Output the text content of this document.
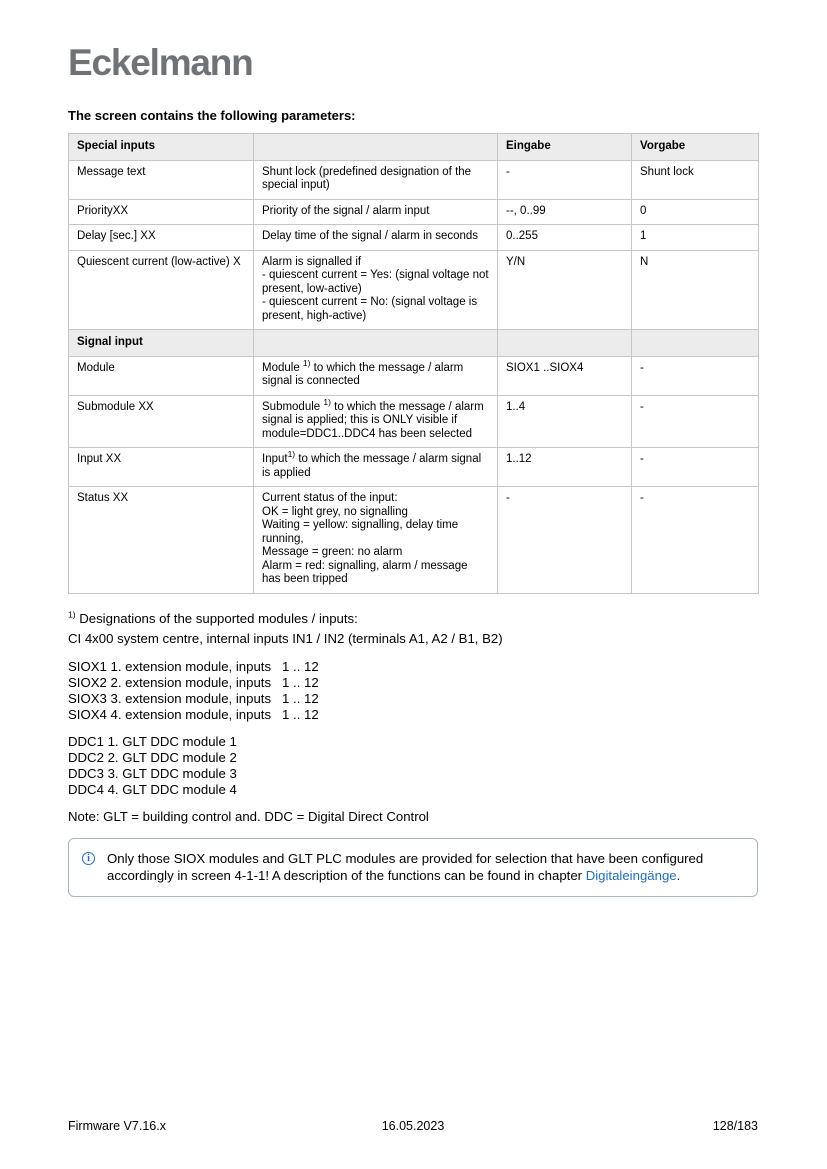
Eckelmann
The screen contains the following parameters:
Special inputs		Eingabe	Vorgabe
Message text	Shunt lock (predefined designation of the special input)	-	Shunt lock
PriorityXX	Priority of the signal / alarm input	--, 0..99	0
Delay [sec.] XX	Delay time of the signal / alarm in seconds	0..255	1
Quiescent current (low-active) X	Alarm is signalled if
- quiescent current = Yes: (signal voltage not present, low-active)
- quiescent current = No: (signal voltage is present, high-active)	Y/N	N
Signal input			
Module	Module $^{1)}$ to which the message / alarm signal is connected	SIOX1 ..SIOX4	-
Submodule XX	Submodule $^{1)}$ to which the message / alarm signal is applied; this is ONLY visible if module=DDC1..DDC4 has been selected	1..4	-
Input XX	Input$^{1)}$ to which the message / alarm signal is applied	1..12	-
Status XX	Current status of the input:
OK = light grey, no signalling
Waiting = yellow: signalling, delay time running,
Message = green: no alarm
Alarm = red: signalling, alarm / message has been tripped	-	-
$^{1)}$ Designations of the supported modules / inputs:
CI 4x00 system centre, internal inputs IN1 / IN2 (terminals A1, A2 / B1, B2)
SIOX1 1. extension module, inputs   1 .. 12
SIOX2 2. extension module, inputs   1 .. 12
SIOX3 3. extension module, inputs   1 .. 12
SIOX4 4. extension module, inputs   1 .. 12
DDC1 1. GLT DDC module 1
DDC2 2. GLT DDC module 2
DDC3 3. GLT DDC module 3
DDC4 4. GLT DDC module 4
Note: GLT = building control and. DDC = Digital Direct Control
i	Only those SIOX modules and GLT PLC modules are provided for selection that have been configured accordingly in screen 4-1-1! A description of the functions can be found in chapter Digitaleingänge.
Firmware V7.16.x	16.05.2023	128/183
